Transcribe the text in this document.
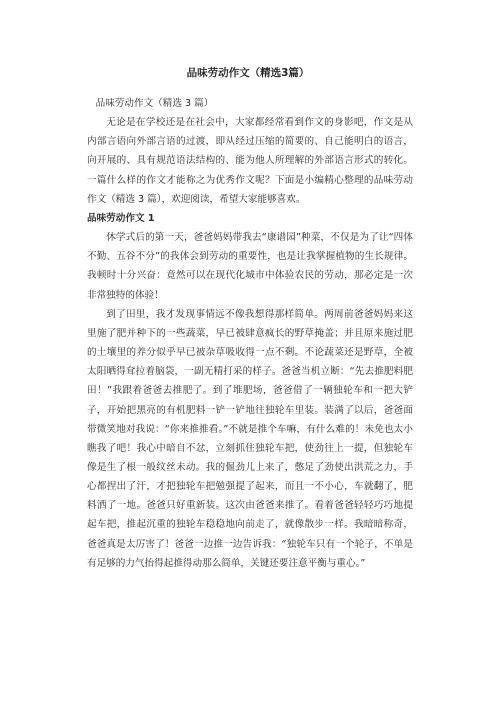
品味劳动作文（精选3篇）

品味劳动作文（精选 3 篇）

无论是在学校还是在社会中，大家都经常看到作文的身影吧，作文是从内部言语向外部言语的过渡，即从经过压缩的简要的、自己能明白的语言，向开展的、具有规范语法结构的、能为他人所理解的外部语言形式的转化。一篇什么样的作文才能称之为优秀作文呢？下面是小编精心整理的品味劳动作文（精选 3 篇），欢迎阅读，希望大家能够喜欢。

品味劳动作文 1

休学式后的第一天，爸爸妈妈带我去“康谱园”种菜，不仅是为了让“四体不勤、五谷不分”的我体会到劳动的重要性，也是让我掌握植物的生长规律。我顿时十分兴奋：竟然可以在现代化城市中体验农民的劳动，那必定是一次非常独特的体验！

到了田里，我才发现事情远不像我想得那样简单。两周前爸爸妈妈来这里施了肥并种下的一些蔬菜，早已被肆意疯长的野草掩盖；并且原来施过肥的土壤里的养分似乎早已被杂草吸收得一点不剩。不论蔬菜还是野草，全被太阳晒得耷拉着脑袋，一副无精打采的样子。爸爸当机立断：“先去推肥料肥田！”我跟着爸爸去推肥了。到了堆肥场，爸爸借了一辆独轮车和一把大铲子，开始把黑亮的有机肥料一铲一铲地往独轮车里装。装满了以后，爸爸面带微笑地对我说：“你来推推看。”不就是推个车嘛，有什么难的！未免也太小瞧我了吧！我心中暗自不忿，立刻抓住独轮车把，使劲往上一提，但独轮车像是生了根一般纹丝未动。我的倔劲儿上来了，憋足了劲使出洪荒之力，手心都捏出了汗，才把独轮车把勉强提了起来，而且一不小心，车就翻了，肥料洒了一地。爸爸只好重新装。这次由爸爸来推了。看着爸爸轻轻巧巧地提起车把，推起沉重的独轮车稳稳地向前走了，就像散步一样。我暗暗称奇，爸爸真是太厉害了！爸爸一边推一边告诉我：“独轮车只有一个轮子，不单是有足够的力气抬得起推得动那么简单，关键还要注意平衡与重心。”
